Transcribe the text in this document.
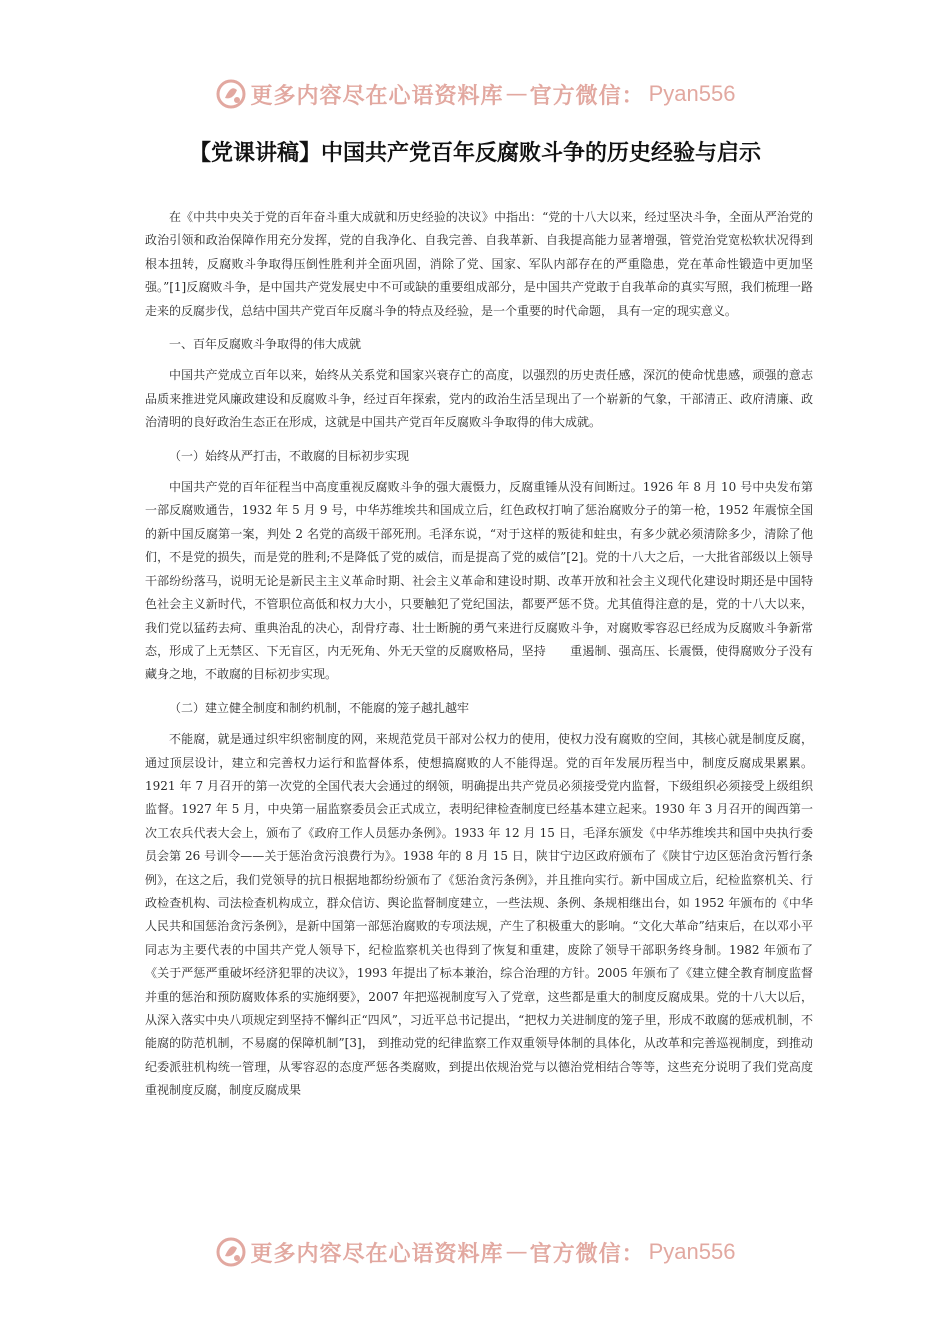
更多内容尽在心语资料库 — 官方微信： Pyan556
【党课讲稿】中国共产党百年反腐败斗争的历史经验与启示

在《中共中央关于党的百年奋斗重大成就和历史经验的决议》中指出：“党的十八大以来，经过坚决斗争，全面从严治党的政治引领和政治保障作用充分发挥，党的自我净化、自我完善、自我革新、自我提高能力显著增强，管党治党宽松软状况得到根本扭转，反腐败斗争取得压倒性胜利并全面巩固，消除了党、国家、军队内部存在的严重隐患，党在革命性锻造中更加坚强。”[1]反腐败斗争，是中国共产党发展史中不可或缺的重要组成部分，是中国共产党敢于自我革命的真实写照，我们梳理一路走来的反腐步伐，总结中国共产党百年反腐斗争的特点及经验，是一个重要的时代命题， 具有一定的现实意义。

一、百年反腐败斗争取得的伟大成就

中国共产党成立百年以来，始终从关系党和国家兴衰存亡的高度，以强烈的历史责任感，深沉的使命忧患感，顽强的意志品质来推进党风廉政建设和反腐败斗争，经过百年探索，党内的政治生活呈现出了一个崭新的气象，干部清正、政府清廉、政治清明的良好政治生态正在形成，这就是中国共产党百年反腐败斗争取得的伟大成就。

（一）始终从严打击，不敢腐的目标初步实现

中国共产党的百年征程当中高度重视反腐败斗争的强大震慑力，反腐重锤从没有间断过。1926 年 8 月 10 号中央发布第一部反腐败通告，1932 年 5 月 9 号，中华苏维埃共和国成立后，红色政权打响了惩治腐败分子的第一枪，1952 年震惊全国的新中国反腐第一案，判处 2 名党的高级干部死刑。毛泽东说，“对于这样的叛徒和蛀虫，有多少就必须清除多少，清除了他们，不是党的损失，而是党的胜利;不是降低了党的威信，而是提高了党的威信”[2]。党的十八大之后，一大批省部级以上领导干部纷纷落马，说明无论是新民主主义革命时期、社会主义革命和建设时期、改革开放和社会主义现代化建设时期还是中国特色社会主义新时代，不管职位高低和权力大小，只要触犯了党纪国法，都要严惩不贷。尤其值得注意的是，党的十八大以来，我们党以猛药去疴、重典治乱的决心，刮骨疗毒、壮士断腕的勇气来进行反腐败斗争，对腐败零容忍已经成为反腐败斗争新常态，形成了上无禁区、下无盲区，内无死角、外无天堂的反腐败格局，坚持　　重遏制、强高压、长震慑，使得腐败分子没有藏身之地，不敢腐的目标初步实现。

（二）建立健全制度和制约机制，不能腐的笼子越扎越牢

不能腐，就是通过织牢织密制度的网，来规范党员干部对公权力的使用，使权力没有腐败的空间，其核心就是制度反腐，通过顶层设计，建立和完善权力运行和监督体系，使想搞腐败的人不能得逞。党的百年发展历程当中，制度反腐成果累累。1921 年 7 月召开的第一次党的全国代表大会通过的纲领，明确提出共产党员必须接受党内监督，下级组织必须接受上级组织监督。1927 年 5 月，中央第一届监察委员会正式成立，表明纪律检查制度已经基本建立起来。1930 年 3 月召开的闽西第一次工农兵代表大会上，颁布了《政府工作人员惩办条例》。1933 年 12 月 15 日，毛泽东颁发《中华苏维埃共和国中央执行委员会第 26 号训令——关于惩治贪污浪费行为》。1938 年的 8 月 15 日，陕甘宁边区政府颁布了《陕甘宁边区惩治贪污暂行条例》，在这之后，我们党领导的抗日根据地都纷纷颁布了《惩治贪污条例》，并且推向实行。新中国成立后，纪检监察机关、行政检查机构、司法检查机构成立，群众信访、舆论监督制度建立，一些法规、条例、条规相继出台，如 1952 年颁布的《中华人民共和国惩治贪污条例》，是新中国第一部惩治腐败的专项法规，产生了积极重大的影响。“文化大革命”结束后，在以邓小平同志为主要代表的中国共产党人领导下，纪检监察机关也得到了恢复和重建，废除了领导干部职务终身制。1982 年颁布了《关于严惩严重破坏经济犯罪的决议》，1993 年提出了标本兼治，综合治理的方针。2005 年颁布了《建立健全教育制度监督并重的惩治和预防腐败体系的实施纲要》，2007 年把巡视制度写入了党章，这些都是重大的制度反腐成果。党的十八大以后，从深入落实中央八项规定到坚持不懈纠正“四风”，习近平总书记提出，“把权力关进制度的笼子里，形成不敢腐的惩戒机制，不能腐的防范机制，不易腐的保障机制”[3]， 到推动党的纪律监察工作双重领导体制的具体化，从改革和完善巡视制度，到推动纪委派驻机构统一管理，从零容忍的态度严惩各类腐败，到提出依规治党与以德治党相结合等等，这些充分说明了我们党高度重视制度反腐，制度反腐成果

更多内容尽在心语资料库 — 官方微信： Pyan556
